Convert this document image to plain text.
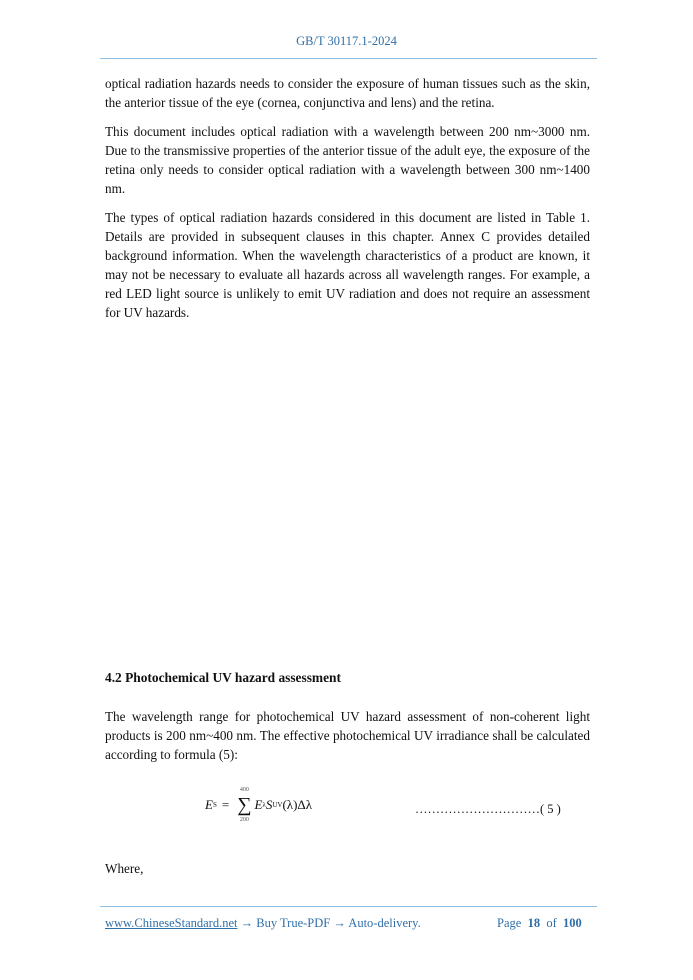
GB/T 30117.1-2024

optical radiation hazards needs to consider the exposure of human tissues such as the skin, the anterior tissue of the eye (cornea, conjunctiva and lens) and the retina.

This document includes optical radiation with a wavelength between 200 nm~3000 nm. Due to the transmissive properties of the anterior tissue of the adult eye, the exposure of the retina only needs to consider optical radiation with a wavelength between 300 nm~1400 nm.

The types of optical radiation hazards considered in this document are listed in Table 1. Details are provided in subsequent clauses in this chapter. Annex C provides detailed background information. When the wavelength characteristics of a product are known, it may not be necessary to evaluate all hazards across all wavelength ranges. For example, a red LED light source is unlikely to emit UV radiation and does not require an assessment for UV hazards.

4.2 Photochemical UV hazard assessment

The wavelength range for photochemical UV hazard assessment of non-coherent light products is 200 nm~400 nm. The effective photochemical UV irradiance shall be calculated according to formula (5):

E S =
400
∑
200
E λ S UV (λ)Δλ	…………………………( 5 )

Where,

www.ChineseStandard.net → Buy True-PDF → Auto-delivery.	Page 18 of 100
